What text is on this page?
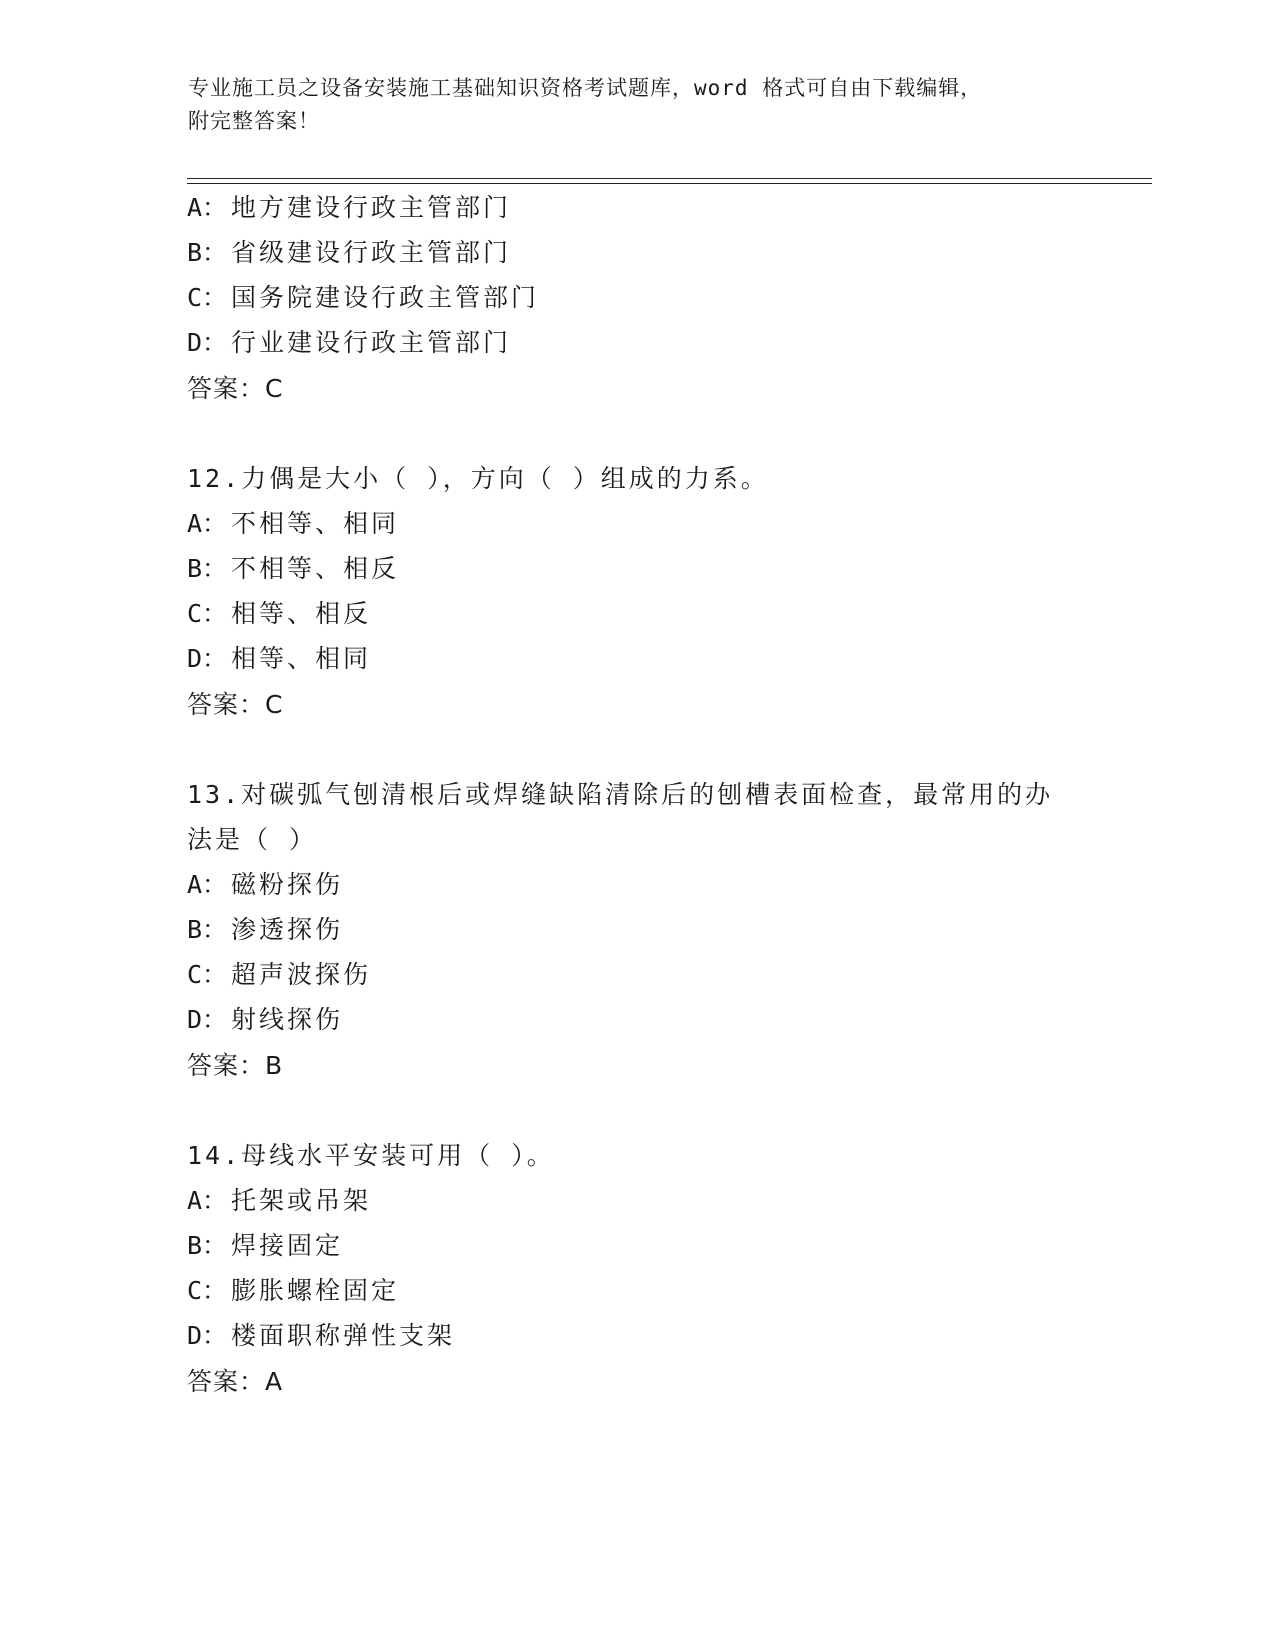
专业施工员之设备安装施工基础知识资格考试题库，word 格式可自由下载编辑，
附完整答案！
A： 地方建设行政主管部门
B： 省级建设行政主管部门
C： 国务院建设行政主管部门
D： 行业建设行政主管部门
答案：C
12.力偶是大小（ ），方向（ ）组成的力系。
A： 不相等、相同
B： 不相等、相反
C： 相等、相反
D： 相等、相同
答案：C
13.对碳弧气刨清根后或焊缝缺陷清除后的刨槽表面检查，最常用的办
法是（ ）
A： 磁粉探伤
B： 渗透探伤
C： 超声波探伤
D： 射线探伤
答案：B
14.母线水平安装可用（ ）。
A： 托架或吊架
B： 焊接固定
C： 膨胀螺栓固定
D： 楼面职称弹性支架
答案：A
